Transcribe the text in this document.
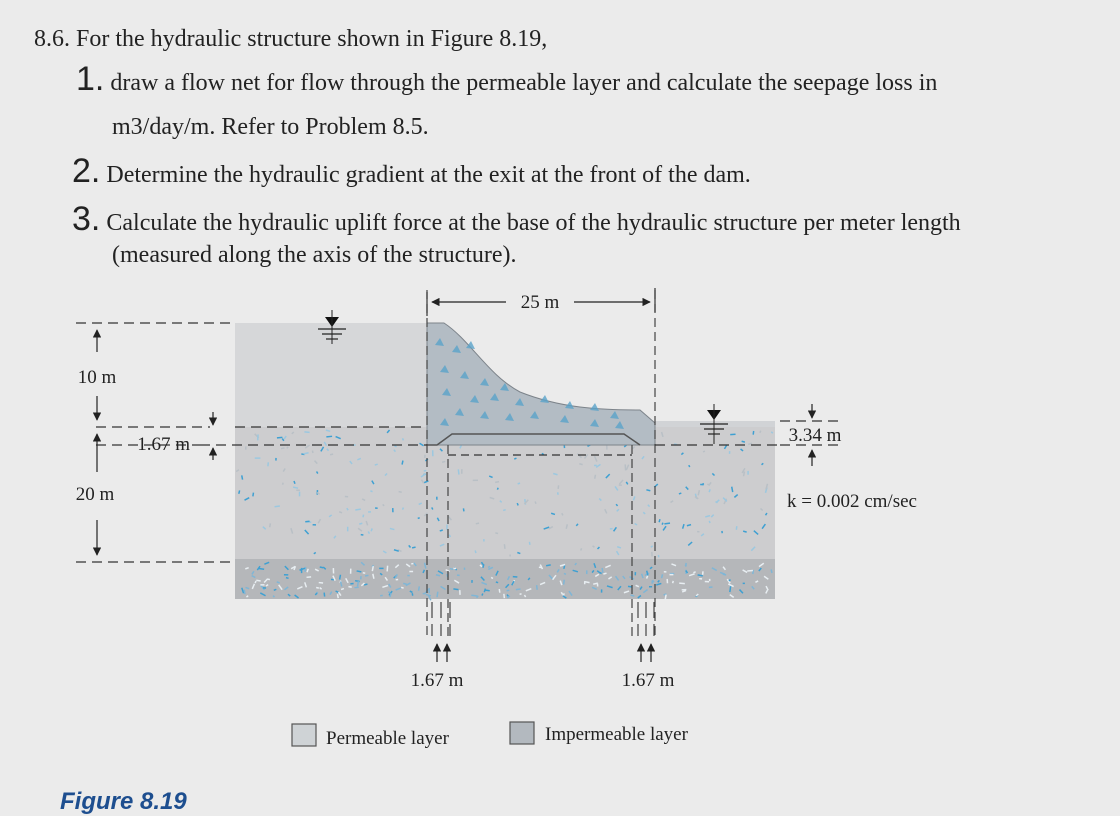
8.6. For the hydraulic structure shown in Figure 8.19,
1. draw a flow net for flow through the permeable layer and calculate the seepage loss in
m3/day/m. Refer to Problem 8.5.
2. Determine the hydraulic gradient at the exit at the front of the dam.
3. Calculate the hydraulic uplift force at the base of the hydraulic structure per meter length
(measured along the axis of the structure).
25 m
10 m
20 m
1.67 m
1.67 m	1.67 m
3.34 m
k = 0.002 cm/sec
Permeable layer	Impermeable layer
Figure 8.19
